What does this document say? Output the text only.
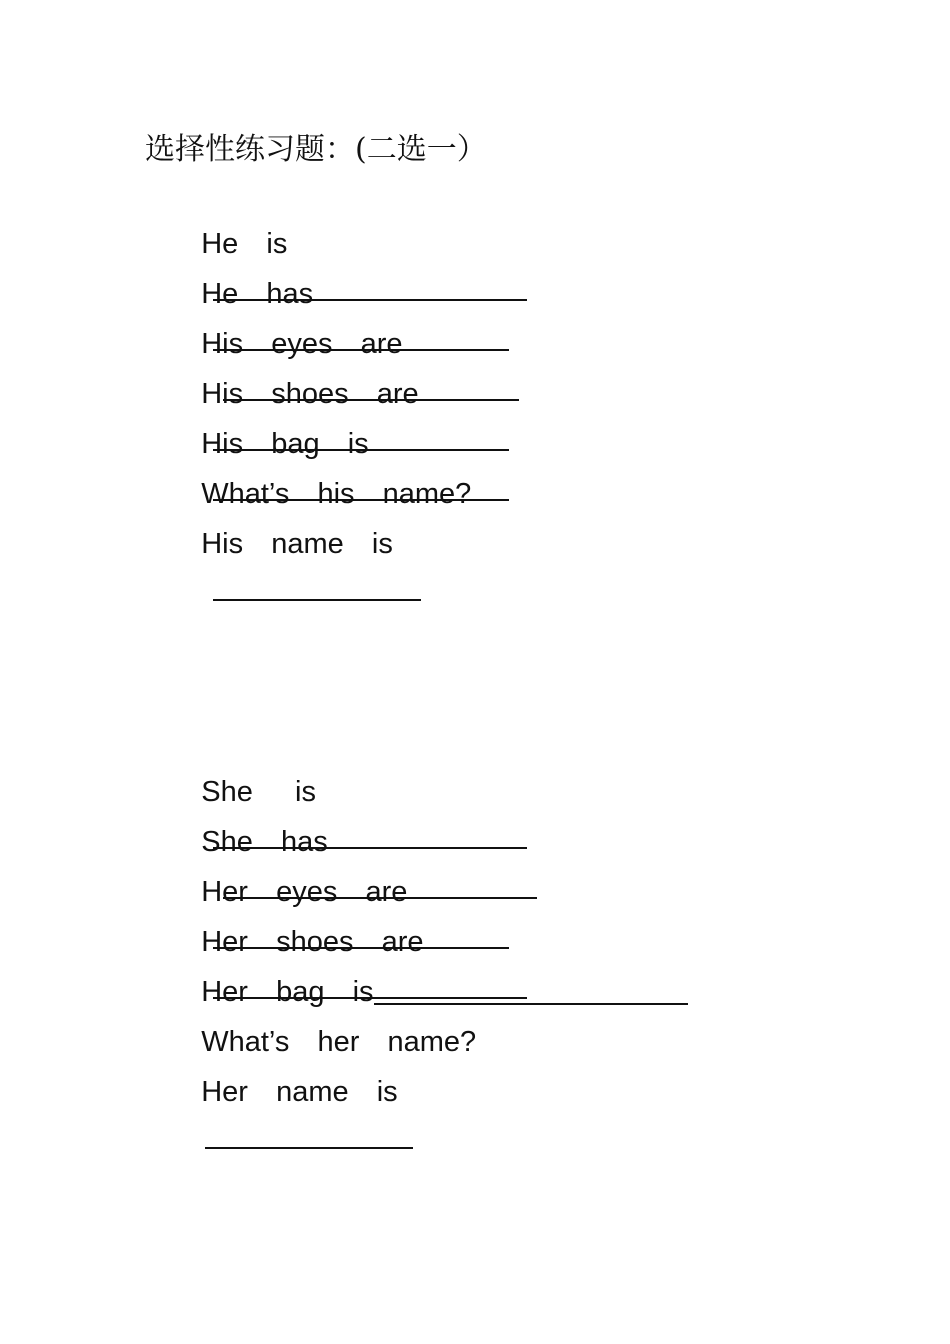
选择性练习题：(二选一）

He  is

He  has

His  eyes  are

His  shoes  are

His  bag  is

What’s  his  name?

His  name  is

She   is

She  has

Her  eyes  are

Her  shoes  are

Her  bag  is

What’s  her  name?

Her  name  is
